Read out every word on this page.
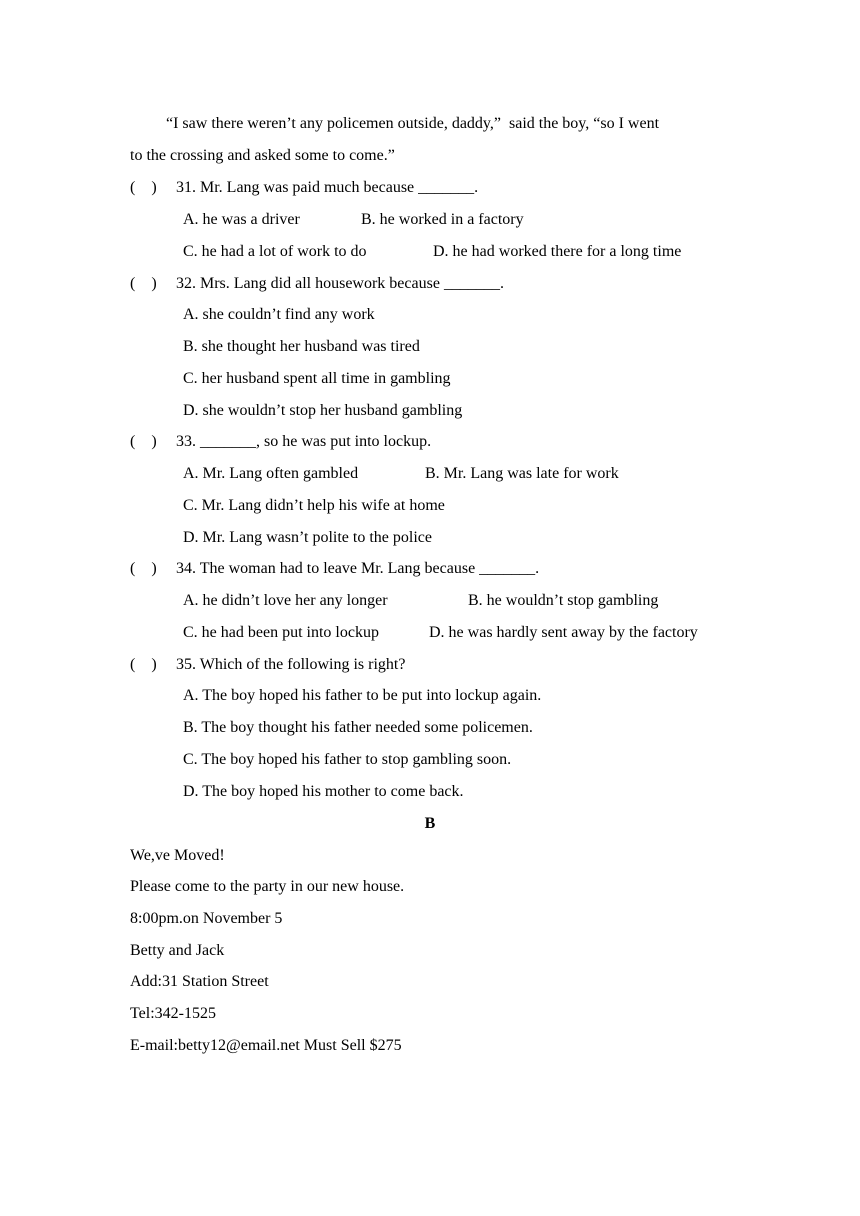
“I saw there weren’t any policemen outside, daddy,”  said the boy, “so I went
to the crossing and asked some to come.”
(    ) 31. Mr. Lang was paid much because _______.
A. he was a driver	B. he worked in a factory
C. he had a lot of work to do	D. he had worked there for a long time
(    ) 32. Mrs. Lang did all housework because _______.
A. she couldn’t find any work
B. she thought her husband was tired
C. her husband spent all time in gambling
D. she wouldn’t stop her husband gambling
(    ) 33. _______, so he was put into lockup.
A. Mr. Lang often gambled	B. Mr. Lang was late for work
C. Mr. Lang didn’t help his wife at home
D. Mr. Lang wasn’t polite to the police
(    ) 34. The woman had to leave Mr. Lang because _______.
A. he didn’t love her any longer	B. he wouldn’t stop gambling
C. he had been put into lockup	D. he was hardly sent away by the factory
(    ) 35. Which of the following is right?
A. The boy hoped his father to be put into lockup again.
B. The boy thought his father needed some policemen.
C. The boy hoped his father to stop gambling soon.
D. The boy hoped his mother to come back.
B
We,ve Moved!
Please come to the party in our new house.
8:00pm.on November 5
Betty and Jack
Add:31 Station Street
Tel:342-1525
E-mail:betty12@email.net Must Sell $275
